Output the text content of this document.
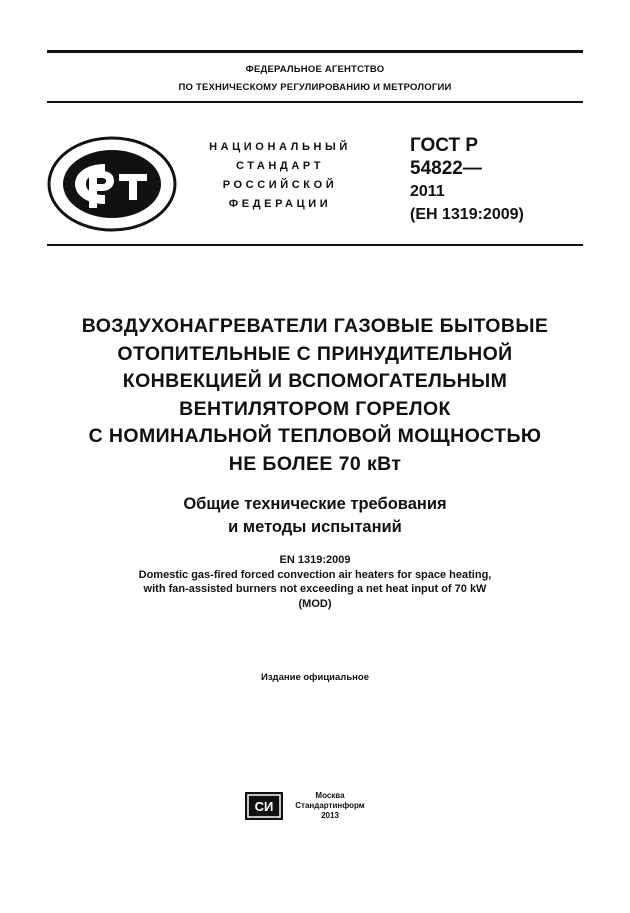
ФЕДЕРАЛЬНОЕ АГЕНТСТВО
ПО ТЕХНИЧЕСКОМУ РЕГУЛИРОВАНИЮ И МЕТРОЛОГИИ
НАЦИОНАЛЬНЫЙ
СТАНДАРТ
РОССИЙСКОЙ
ФЕДЕРАЦИИ
ГОСТ Р
54822—
2011
(ЕН 1319:2009)
ВОЗДУХОНАГРЕВАТЕЛИ ГАЗОВЫЕ БЫТОВЫЕ
ОТОПИТЕЛЬНЫЕ С ПРИНУДИТЕЛЬНОЙ
КОНВЕКЦИЕЙ И ВСПОМОГАТЕЛЬНЫМ
ВЕНТИЛЯТОРОМ ГОРЕЛОК
С НОМИНАЛЬНОЙ ТЕПЛОВОЙ МОЩНОСТЬЮ
НЕ БОЛЕЕ 70 кВт
Общие технические требования
и методы испытаний
EN 1319:2009
Domestic gas-fired forced convection air heaters for space heating,
with fan-assisted burners not exceeding a net heat input of 70 kW
(MOD)
Издание официальное
СИ
Москва
Стандартинформ
2013
